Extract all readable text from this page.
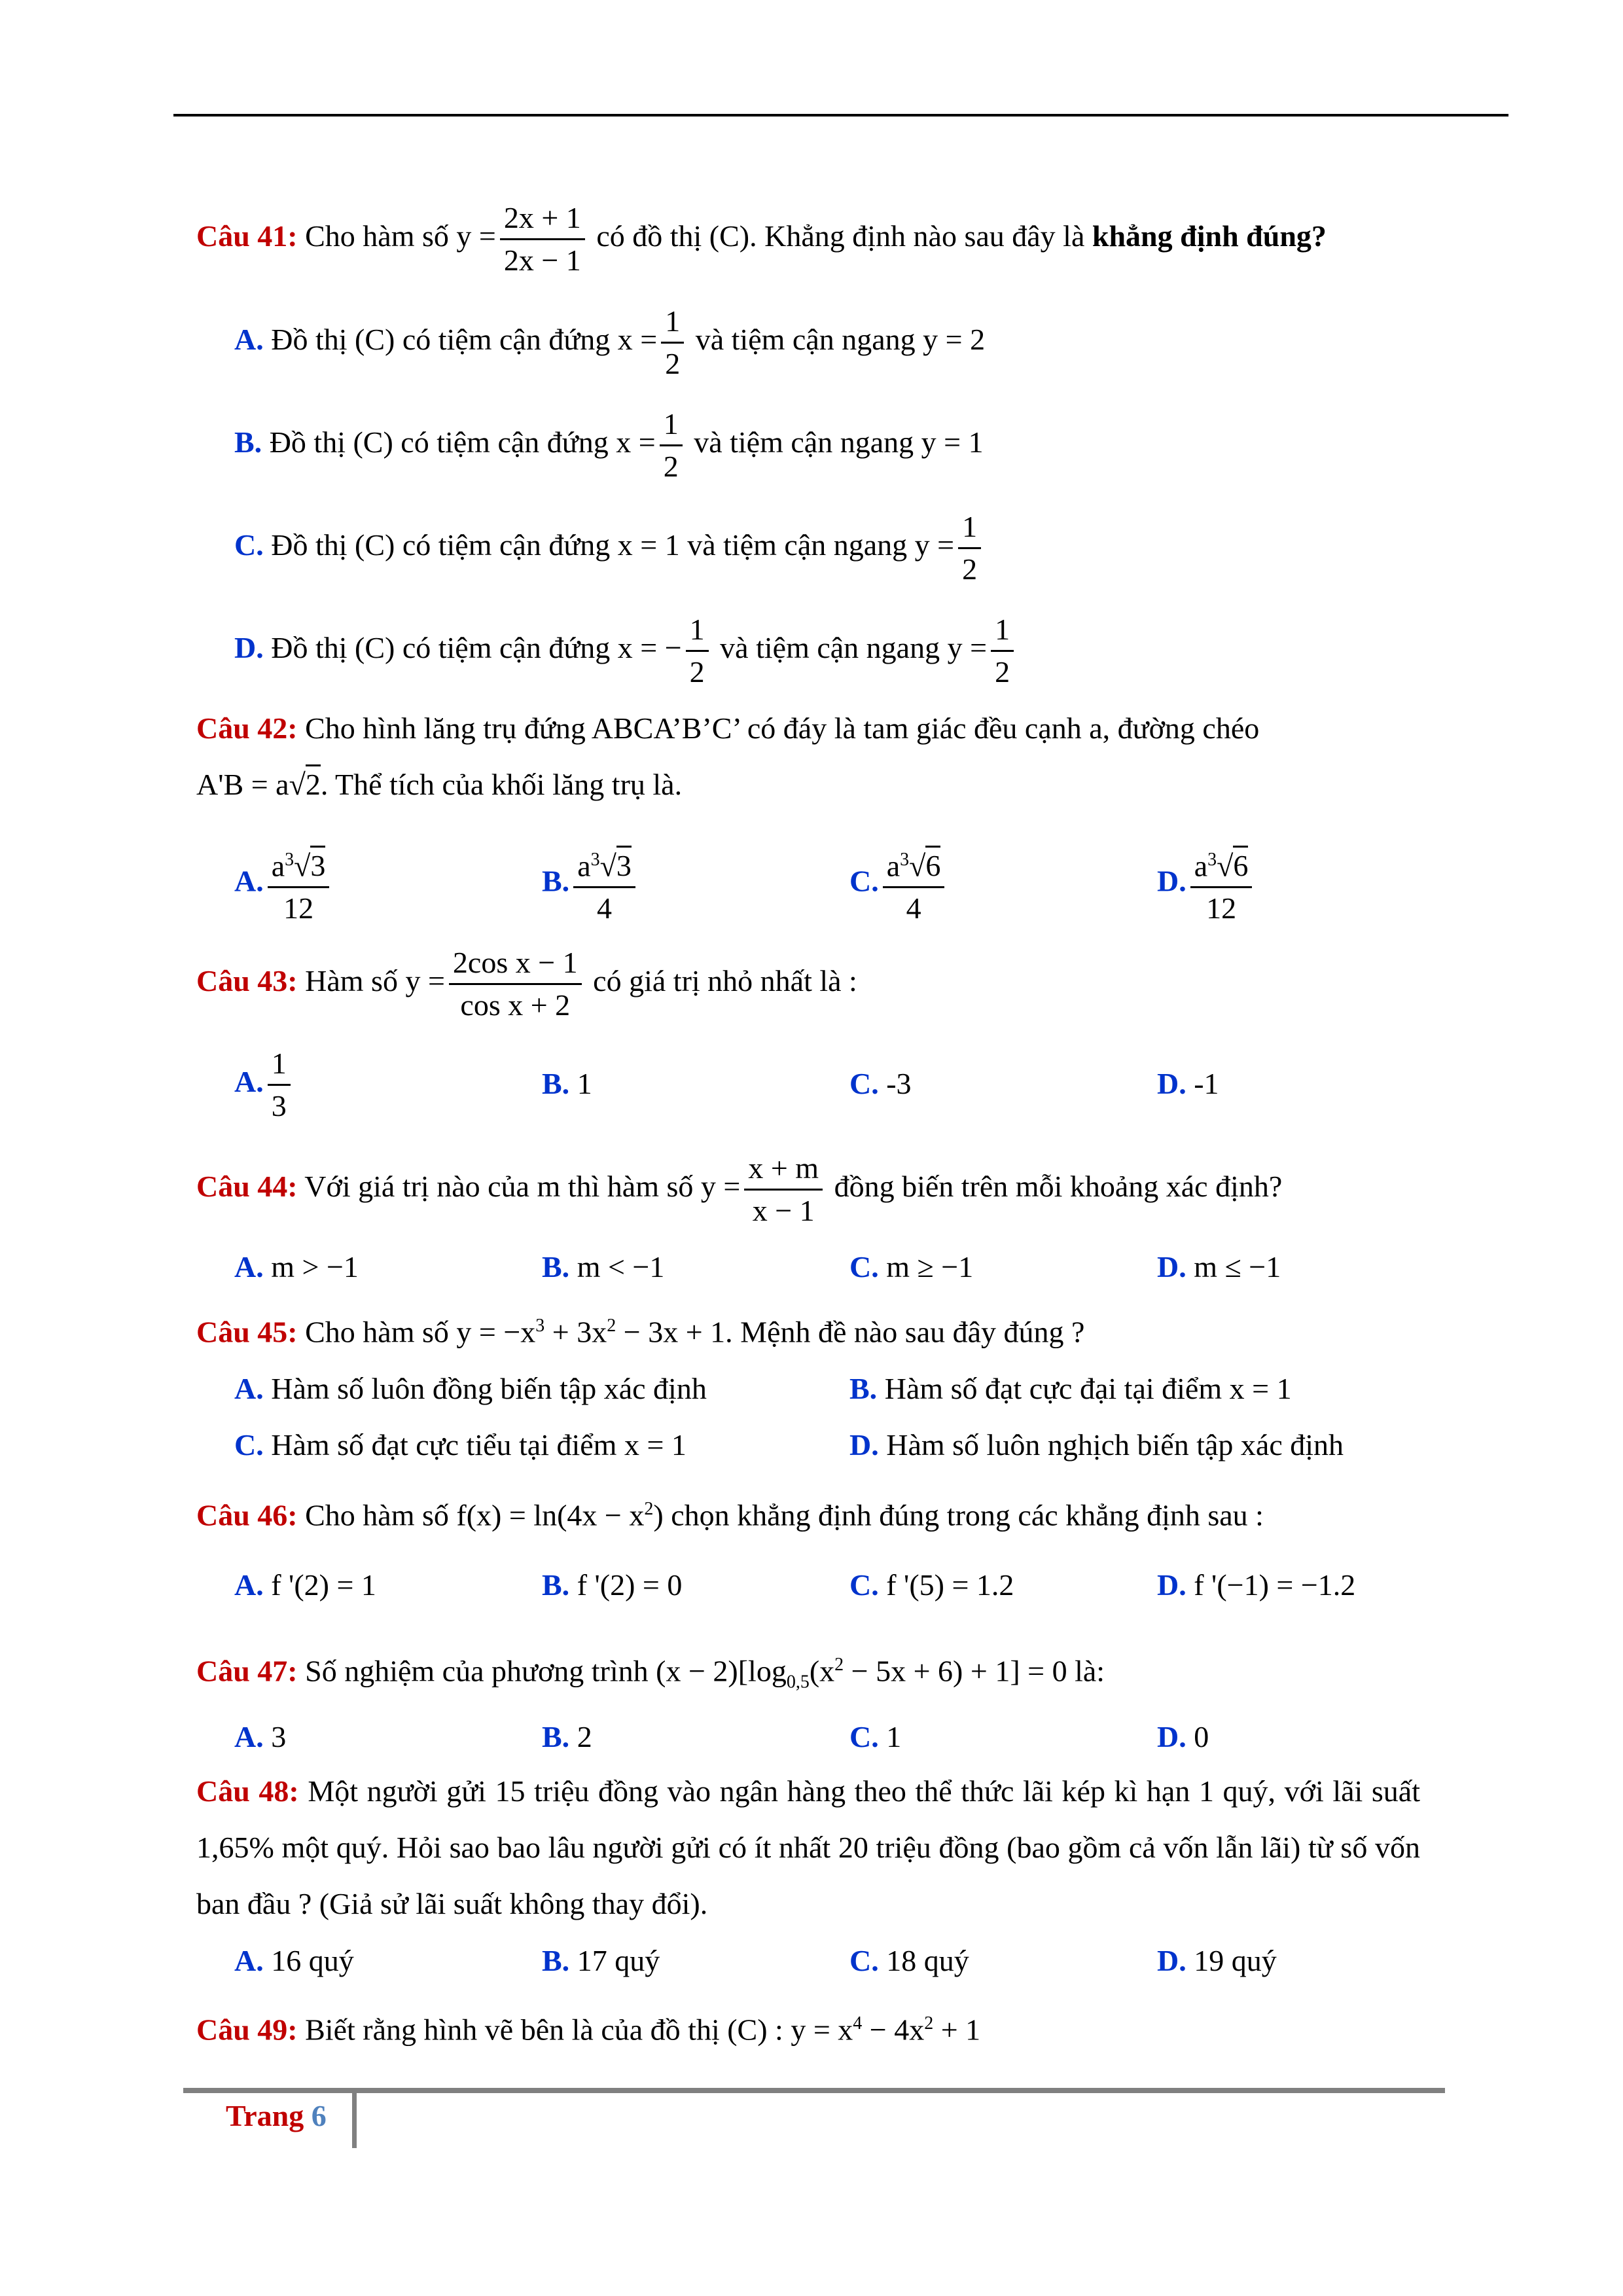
Câu 41: Cho hàm số $y = \frac{2x + 1}{2x - 1}$ có đồ thị (C). Khẳng định nào sau đây là khẳng định đúng?
A. Đồ thị (C) có tiệm cận đứng $x = \frac{1}{2}$ và tiệm cận ngang y = 2
B. Đồ thị (C) có tiệm cận đứng $x = \frac{1}{2}$ và tiệm cận ngang y = 1
C. Đồ thị (C) có tiệm cận đứng x = 1 và tiệm cận ngang $y = \frac{1}{2}$
D. Đồ thị (C) có tiệm cận đứng x = − $\frac{1}{2}$ và tiệm cận ngang $y = \frac{1}{2}$
Câu 42: Cho hình lăng trụ đứng ABCA’B’C’ có đáy là tam giác đều cạnh a, đường chéo
A'B = a√2. Thể tích của khối lăng trụ là.
A. $\frac{a^3√3}{12}$	B. $\frac{a^3√3}{4}$	C. $\frac{a^3√6}{4}$	D. $\frac{a^3√6}{12}$
Câu 43: Hàm số $y = \frac{\text{2cos x − 1}}{\text{cos x + 2}}$ có giá trị nhỏ nhất là :
A. $\frac{1}{3}$	B. 1	C. -3	D. -1
Câu 44: Với giá trị nào của m thì hàm số $y = \frac{x + m}{x - 1}$ đồng biến trên mỗi khoảng xác định?
A. m > −1	B. m < −1	C. m ≥ −1	D. m ≤ −1
Câu 45: Cho hàm số $y = -x^3 + 3x^2 - 3x + 1$. Mệnh đề nào sau đây đúng ?
A. Hàm số luôn đồng biến tập xác định	B. Hàm số đạt cực đại tại điểm x = 1
C. Hàm số đạt cực tiểu tại điểm x = 1	D. Hàm số luôn nghịch biến tập xác định
Câu 46: Cho hàm số $f(x) = \ln(4x - x^2)$ chọn khẳng định đúng trong các khẳng định sau :
A. f '(2) = 1	B. f '(2) = 0	C. f '(5) = 1.2	D. f '(−1) = −1.2
Câu 47: Số nghiệm của phương trình $(x - 2)[\log_{0,5}(x^2 - 5x + 6) + 1] = 0$ là:
A. 3	B. 2	C. 1	D. 0
Câu 48: Một người gửi 15 triệu đồng vào ngân hàng theo thể thức lãi kép kì hạn 1 quý, với lãi suất 1,65% một quý. Hỏi sao bao lâu người gửi có ít nhất 20 triệu đồng (bao gồm cả vốn lẫn lãi) từ số vốn ban đầu ? (Giả sử lãi suất không thay đổi).
A. 16 quý	B. 17 quý	C. 18 quý	D. 19 quý
Câu 49: Biết rằng hình vẽ bên là của đồ thị (C) : $y = x^4 - 4x^2 + 1$
Trang 6
